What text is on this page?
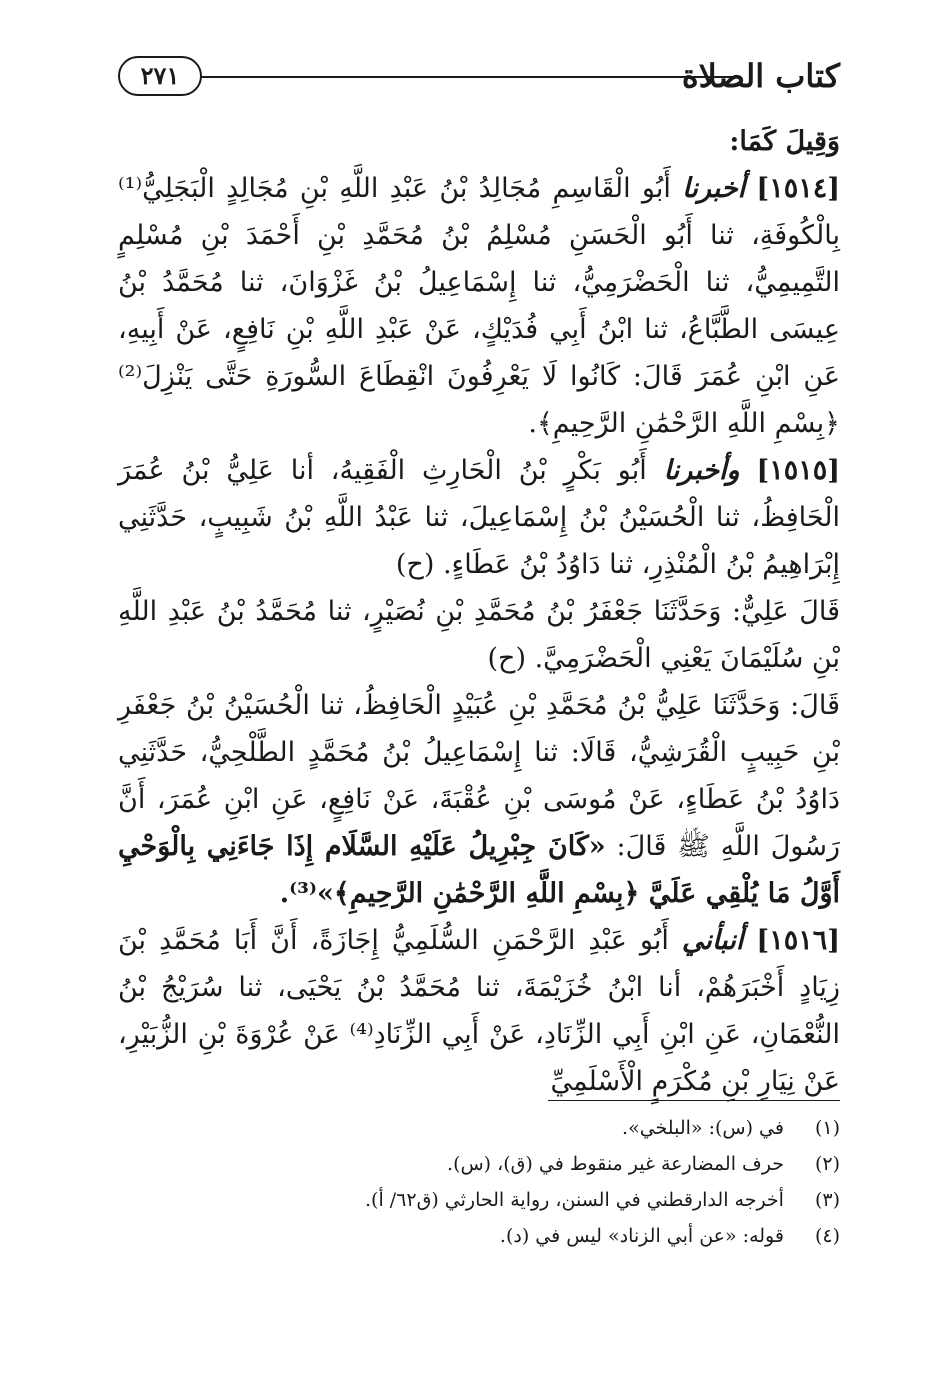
كتاب الصلاة
٢٧١

وَقِيلَ كَمَا:

[١٥١٤] أخبرنا أَبُو الْقَاسِمِ مُجَالِدُ بْنُ عَبْدِ اللَّهِ بْنِ مُجَالِدٍ الْبَجَلِيُّ⁽¹⁾ بِالْكُوفَةِ، ثنا أَبُو الْحَسَنِ مُسْلِمُ بْنُ مُحَمَّدِ بْنِ أَحْمَدَ بْنِ مُسْلِمٍ التَّمِيمِيُّ، ثنا الْحَضْرَمِيُّ، ثنا إِسْمَاعِيلُ بْنُ غَزْوَانَ، ثنا مُحَمَّدُ بْنُ عِيسَى الطَّبَّاعُ، ثنا ابْنُ أَبِي فُدَيْكٍ، عَنْ عَبْدِ اللَّهِ بْنِ نَافِعٍ، عَنْ أَبِيهِ، عَنِ ابْنِ عُمَرَ قَالَ: كَانُوا لَا يَعْرِفُونَ انْقِطَاعَ السُّورَةِ حَتَّى يَنْزِلَ⁽²⁾ ﴿بِسْمِ اللَّهِ الرَّحْمَٰنِ الرَّحِيمِ﴾.

[١٥١٥] وأخبرنا أَبُو بَكْرٍ بْنُ الْحَارِثِ الْفَقِيهُ، أنا عَلِيُّ بْنُ عُمَرَ الْحَافِظُ، ثنا الْحُسَيْنُ بْنُ إِسْمَاعِيلَ، ثنا عَبْدُ اللَّهِ بْنُ شَبِيبٍ، حَدَّثَنِي إِبْرَاهِيمُ بْنُ الْمُنْذِرِ، ثنا دَاوُدُ بْنُ عَطَاءٍ. (ح)

قَالَ عَلِيٌّ: وَحَدَّثَنَا جَعْفَرُ بْنُ مُحَمَّدِ بْنِ نُصَيْرٍ، ثنا مُحَمَّدُ بْنُ عَبْدِ اللَّهِ بْنِ سُلَيْمَانَ يَعْنِي الْحَضْرَمِيَّ. (ح)

قَالَ: وَحَدَّثَنَا عَلِيُّ بْنُ مُحَمَّدِ بْنِ عُبَيْدٍ الْحَافِظُ، ثنا الْحُسَيْنُ بْنُ جَعْفَرِ بْنِ حَبِيبٍ الْقُرَشِيُّ، قَالَا: ثنا إِسْمَاعِيلُ بْنُ مُحَمَّدٍ الطَّلْحِيُّ، حَدَّثَنِي دَاوُدُ بْنُ عَطَاءٍ، عَنْ مُوسَى بْنِ عُقْبَةَ، عَنْ نَافِعٍ، عَنِ ابْنِ عُمَرَ، أَنَّ رَسُولَ اللَّهِ ﷺ قَالَ: «كَانَ جِبْرِيلُ عَلَيْهِ السَّلَام إِذَا جَاءَنِي بِالْوَحْيِ أَوَّلُ مَا يُلْقِي عَلَيَّ ﴿بِسْمِ اللَّهِ الرَّحْمَٰنِ الرَّحِيمِ﴾»⁽³⁾.

[١٥١٦] أنبأني أَبُو عَبْدِ الرَّحْمَنِ السُّلَمِيُّ إِجَازَةً، أَنَّ أَبَا مُحَمَّدِ بْنَ زِيَادٍ أَخْبَرَهُمْ، أنا ابْنُ خُزَيْمَةَ، ثنا مُحَمَّدُ بْنُ يَحْيَى، ثنا سُرَيْجُ بْنُ النُّعْمَانِ، عَنِ ابْنِ أَبِي الزِّنَادِ، عَنْ أَبِي الزِّنَادِ⁽⁴⁾ عَنْ عُرْوَةَ بْنِ الزُّبَيْرِ، عَنْ نِيَارِ بْنِ مُكْرَمٍ الْأَسْلَمِيِّ

(١) في (س): «البلخي».

(٢) حرف المضارعة غير منقوط في (ق)، (س).

(٣) أخرجه الدارقطني في السنن، رواية الحارثي (ق٦٢/ أ).

(٤) قوله: «عن أبي الزناد» ليس في (د).
